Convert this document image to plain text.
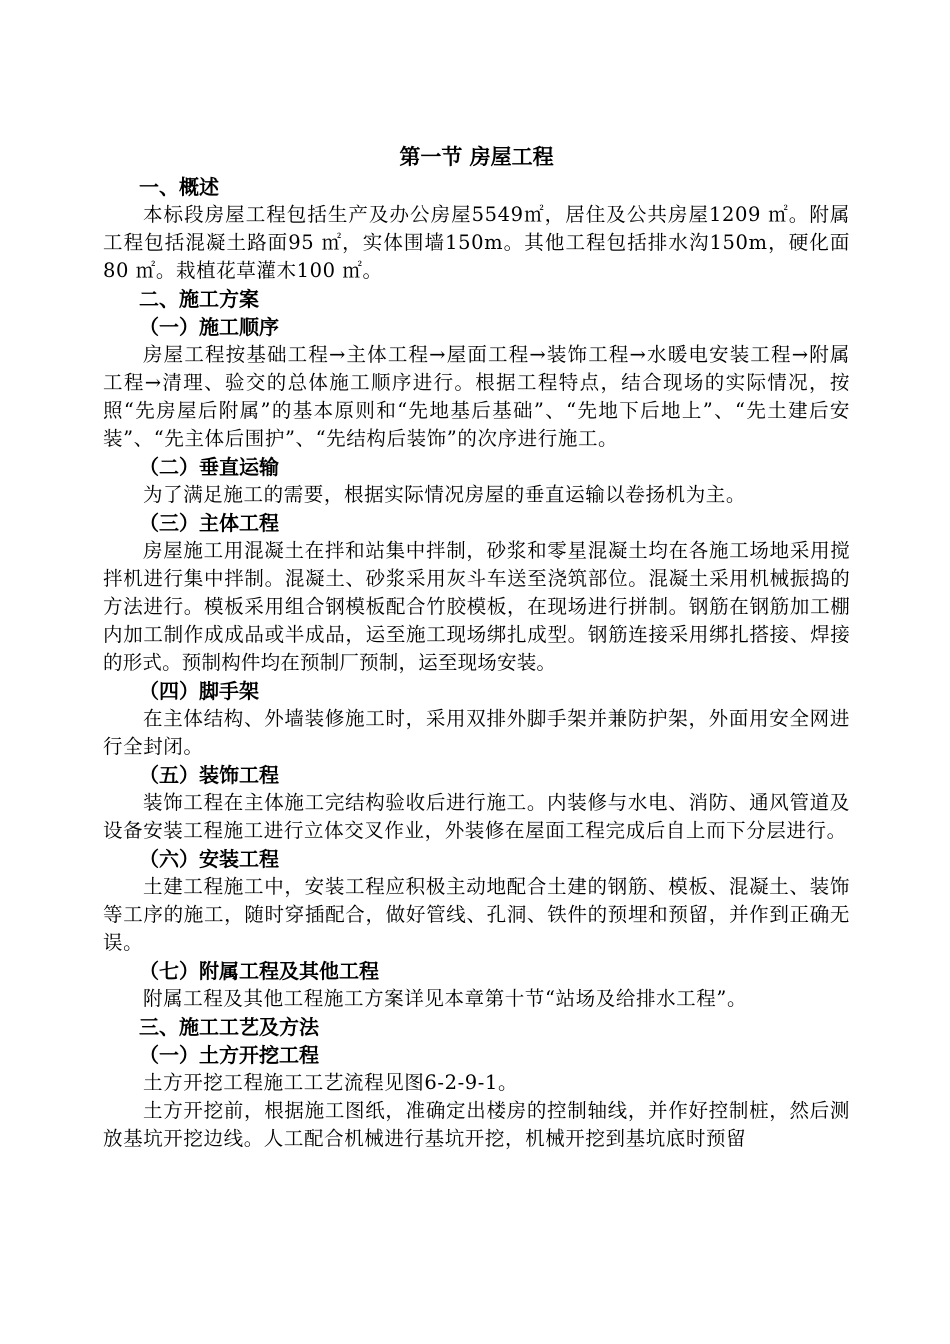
第一节 房屋工程
一、概述
本标段房屋工程包括生产及办公房屋5549㎡，居住及公共房屋1209 ㎡。附属工程包括混凝土路面95 ㎡，实体围墙150m。其他工程包括排水沟150m，硬化面80 ㎡。栽植花草灌木100 ㎡。
二、施工方案
（一）施工顺序
房屋工程按基础工程→主体工程→屋面工程→装饰工程→水暖电安装工程→附属工程→清理、验交的总体施工顺序进行。根据工程特点，结合现场的实际情况，按照“先房屋后附属”的基本原则和“先地基后基础”、“先地下后地上”、“先土建后安装”、“先主体后围护”、“先结构后装饰”的次序进行施工。
（二）垂直运输
为了满足施工的需要，根据实际情况房屋的垂直运输以卷扬机为主。
（三）主体工程
房屋施工用混凝土在拌和站集中拌制，砂浆和零星混凝土均在各施工场地采用搅拌机进行集中拌制。混凝土、砂浆采用灰斗车送至浇筑部位。混凝土采用机械振捣的方法进行。模板采用组合钢模板配合竹胶模板，在现场进行拼制。钢筋在钢筋加工棚内加工制作成成品或半成品，运至施工现场绑扎成型。钢筋连接采用绑扎搭接、焊接的形式。预制构件均在预制厂预制，运至现场安装。
（四）脚手架
在主体结构、外墙装修施工时，采用双排外脚手架并兼防护架，外面用安全网进行全封闭。
（五）装饰工程
装饰工程在主体施工完结构验收后进行施工。内装修与水电、消防、通风管道及设备安装工程施工进行立体交叉作业，外装修在屋面工程完成后自上而下分层进行。
（六）安装工程
土建工程施工中，安装工程应积极主动地配合土建的钢筋、模板、混凝土、装饰等工序的施工，随时穿插配合，做好管线、孔洞、铁件的预埋和预留，并作到正确无误。
（七）附属工程及其他工程
附属工程及其他工程施工方案详见本章第十节“站场及给排水工程”。
三、施工工艺及方法
（一）土方开挖工程
土方开挖工程施工工艺流程见图6-2-9-1。
土方开挖前，根据施工图纸，准确定出楼房的控制轴线，并作好控制桩，然后测放基坑开挖边线。人工配合机械进行基坑开挖，机械开挖到基坑底时预留
